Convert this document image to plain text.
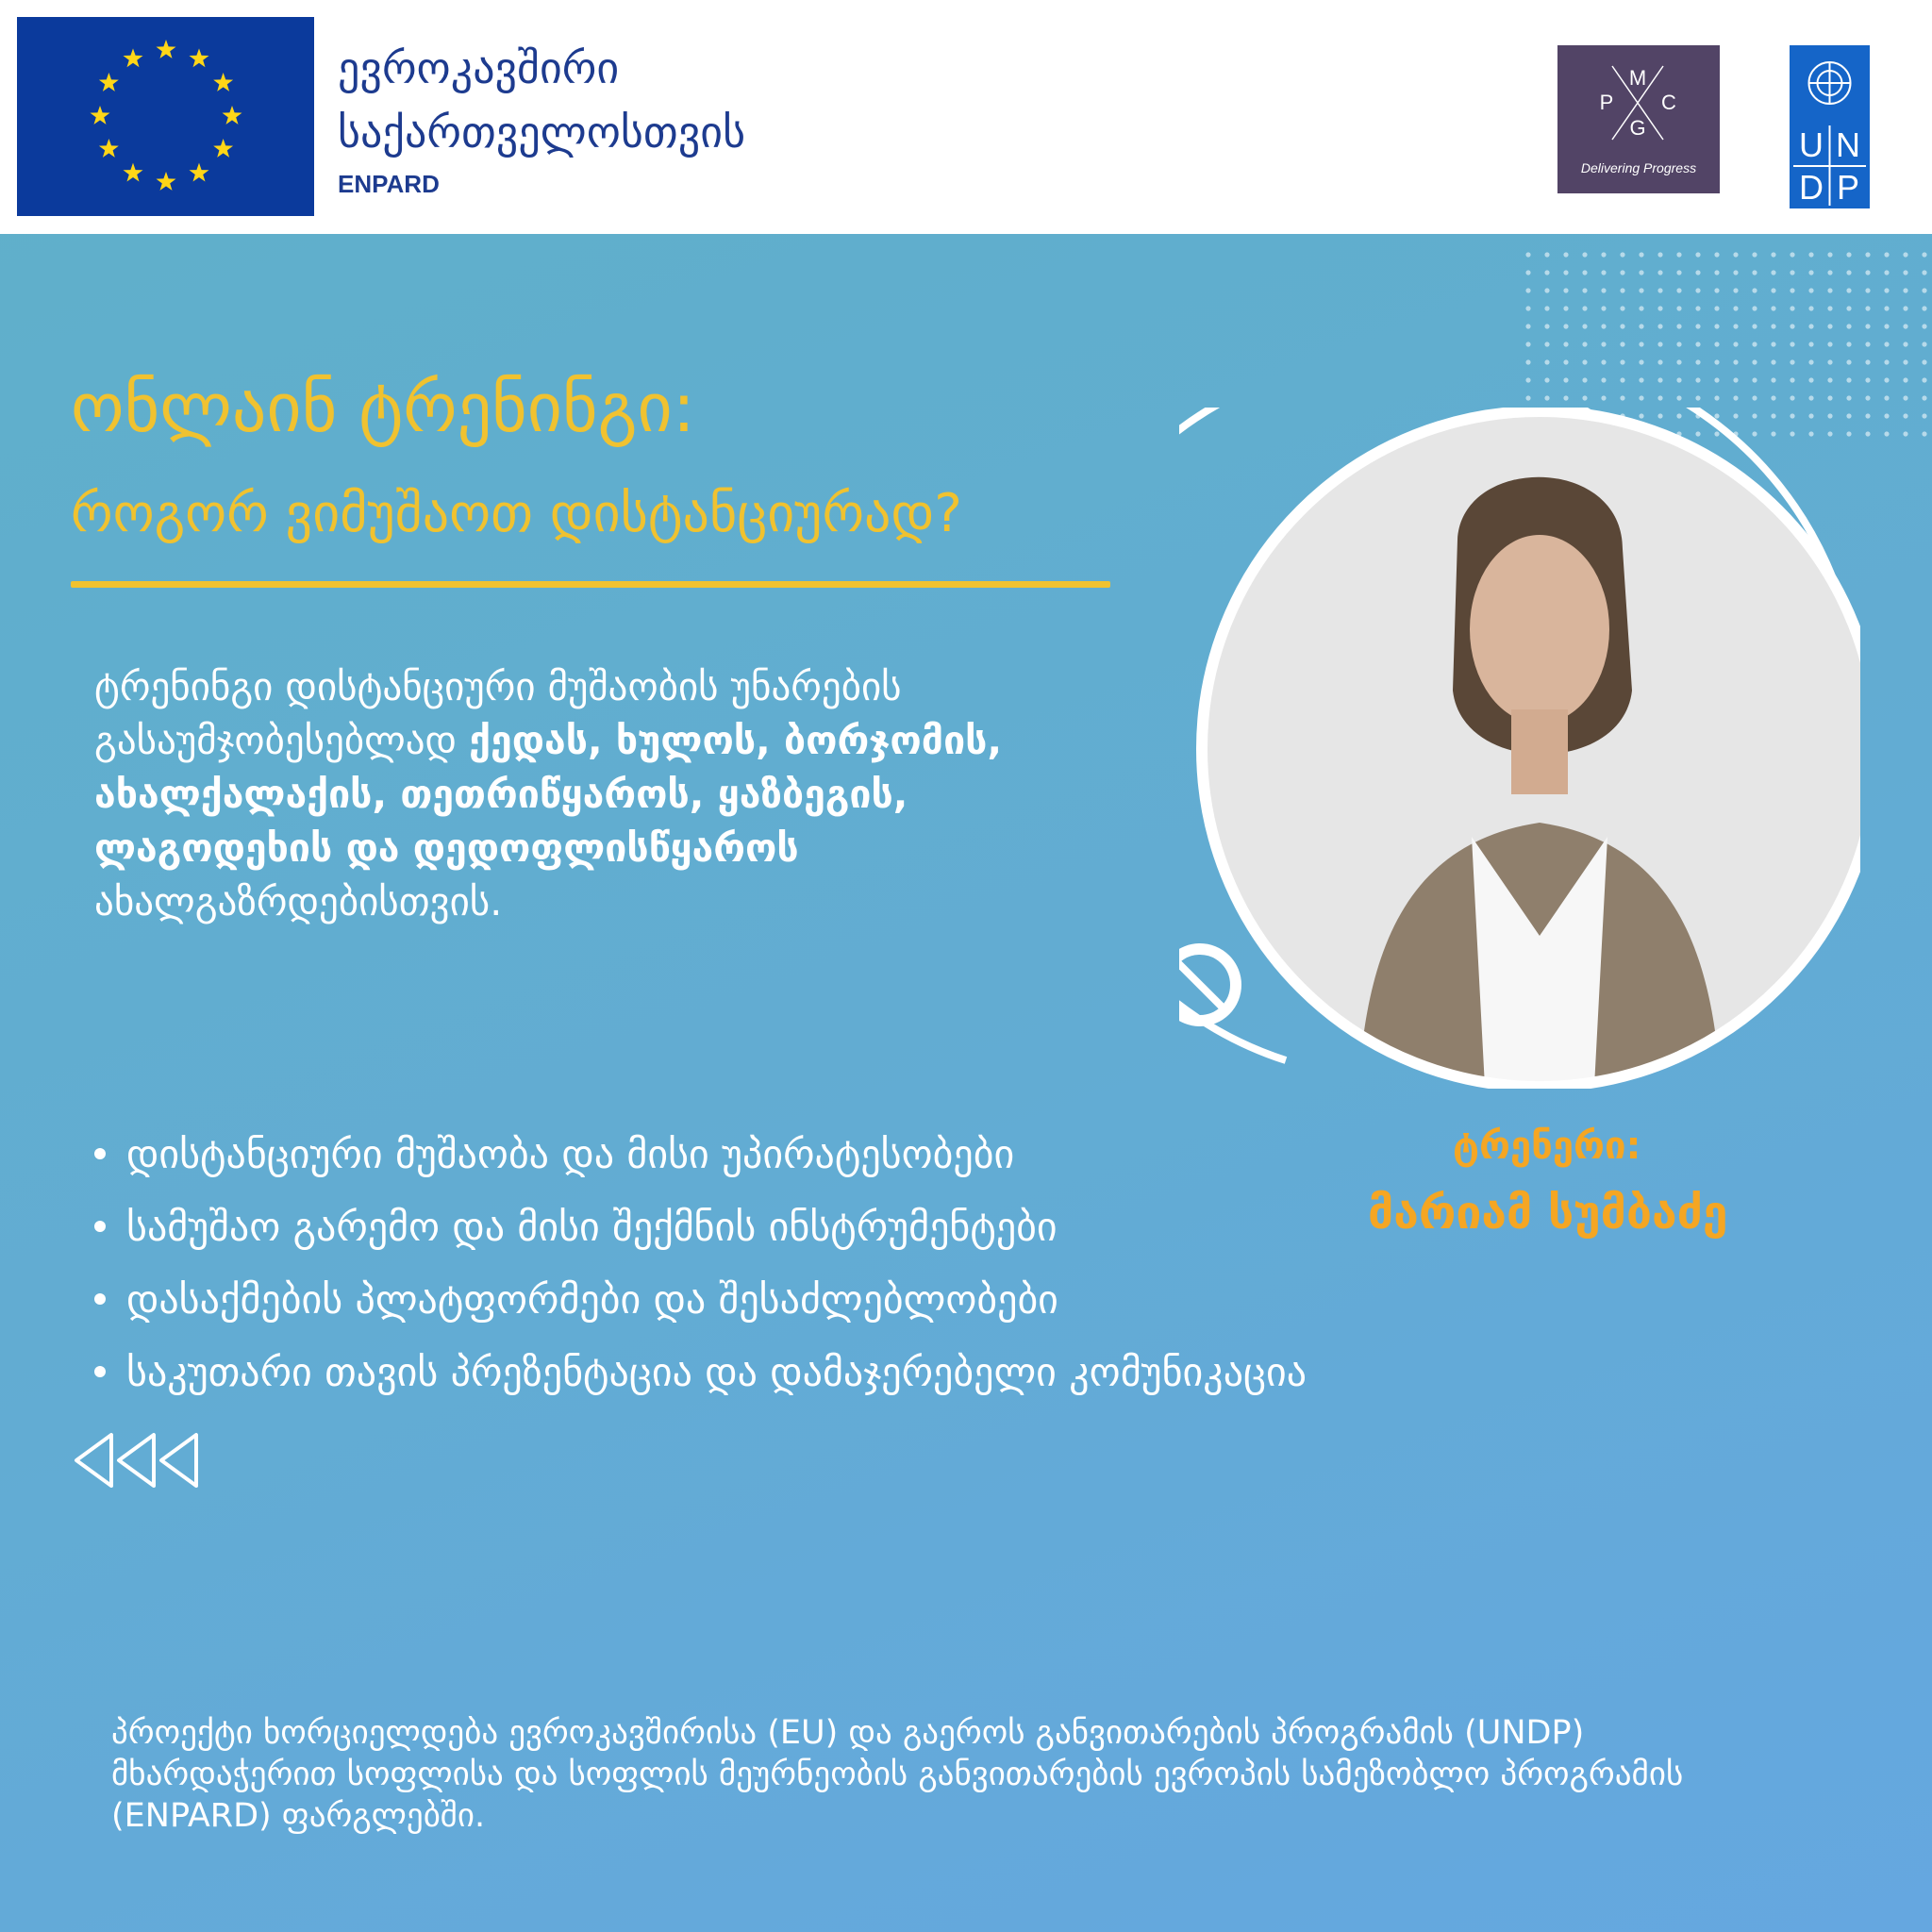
ევროკავშირი
საქართველოსთვის
ENPARD
M
P C
G
Delivering Progress
U N
D P
ონლაინ ტრენინგი:
როგორ ვიმუშაოთ დისტანციურად?
ტრენინგი დისტანციური მუშაობის უნარების გასაუმჯობესებლად ქედას, ხულოს, ბორჯომის, ახალქალაქის, თეთრიწყაროს, ყაზბეგის, ლაგოდეხის და დედოფლისწყაროს
ახალგაზრდებისთვის.
დისტანციური მუშაობა და მისი უპირატესობები
სამუშაო გარემო და მისი შექმნის ინსტრუმენტები
დასაქმების პლატფორმები და შესაძლებლობები
საკუთარი თავის პრეზენტაცია და დამაჯერებელი კომუნიკაცია
ტრენერი:
მარიამ სუმბაძე
პროექტი ხორციელდება ევროკავშირისა (EU) და გაეროს განვითარების პროგრამის (UNDP) მხარდაჭერით სოფლისა და სოფლის მეურნეობის განვითარების ევროპის სამეზობლო პროგრამის (ENPARD) ფარგლებში.
